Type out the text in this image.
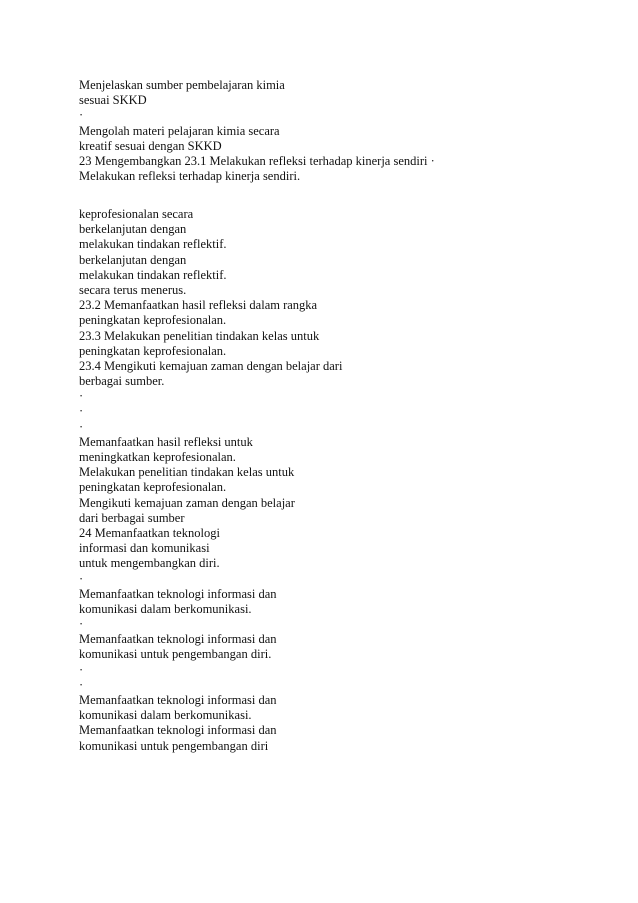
Menjelaskan sumber pembelajaran kimia
sesuai SKKD
·
Mengolah materi pelajaran kimia secara
kreatif sesuai dengan SKKD
23 Mengembangkan 23.1 Melakukan refleksi terhadap kinerja sendiri ·
Melakukan refleksi terhadap kinerja sendiri.
keprofesionalan secara
berkelanjutan dengan
melakukan tindakan reflektif.
berkelanjutan dengan
melakukan tindakan reflektif.
secara terus menerus.
23.2 Memanfaatkan hasil refleksi dalam rangka
peningkatan keprofesionalan.
23.3 Melakukan penelitian tindakan kelas untuk
peningkatan keprofesionalan.
23.4 Mengikuti kemajuan zaman dengan belajar dari
berbagai sumber.
·
·
·
Memanfaatkan hasil refleksi untuk
meningkatkan keprofesionalan.
Melakukan penelitian tindakan kelas untuk
peningkatan keprofesionalan.
Mengikuti kemajuan zaman dengan belajar
dari berbagai sumber
24 Memanfaatkan teknologi
informasi dan komunikasi
untuk mengembangkan diri.
·
Memanfaatkan teknologi informasi dan
komunikasi dalam berkomunikasi.
·
Memanfaatkan teknologi informasi dan
komunikasi untuk pengembangan diri.
·
·
Memanfaatkan teknologi informasi dan
komunikasi dalam berkomunikasi.
Memanfaatkan teknologi informasi dan
komunikasi untuk pengembangan diri
